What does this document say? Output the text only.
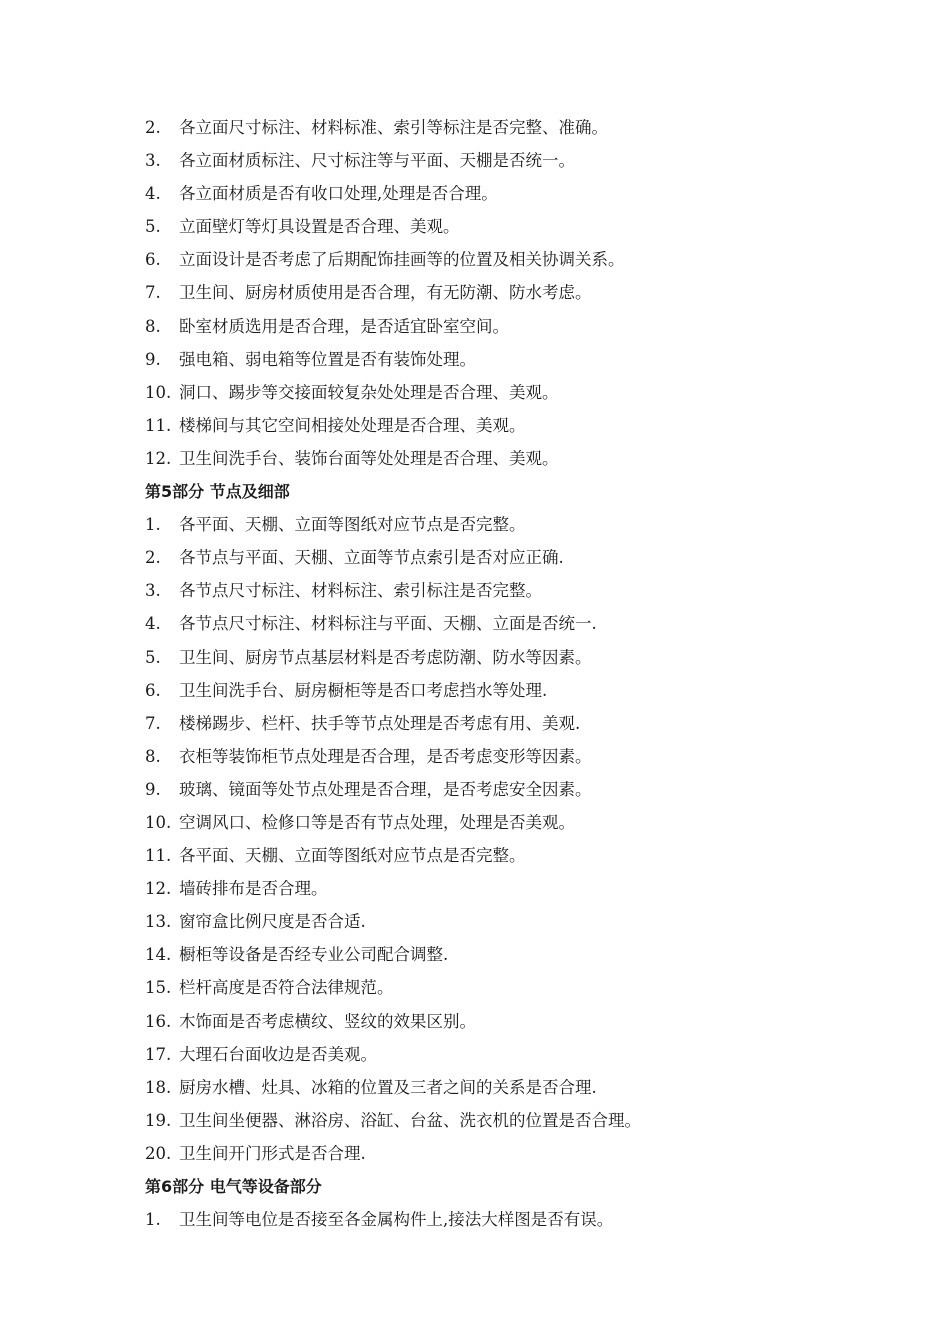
2.	各立面尺寸标注、材料标准、索引等标注是否完整、准确。
3.	各立面材质标注、尺寸标注等与平面、天棚是否统一。
4.	各立面材质是否有收口处理,处理是否合理。
5.	立面壁灯等灯具设置是否合理、美观。
6.	立面设计是否考虑了后期配饰挂画等的位置及相关协调关系。
7.	卫生间、厨房材质使用是否合理，有无防潮、防水考虑。
8.	卧室材质选用是否合理，是否适宜卧室空间。
9.	强电箱、弱电箱等位置是否有装饰处理。
10. 洞口、踢步等交接面较复杂处处理是否合理、美观。
11. 楼梯间与其它空间相接处处理是否合理、美观。
12. 卫生间洗手台、装饰台面等处处理是否合理、美观。
第5部分 节点及细部
1.	各平面、天棚、立面等图纸对应节点是否完整。
2.	各节点与平面、天棚、立面等节点索引是否对应正确.
3.	各节点尺寸标注、材料标注、索引标注是否完整。
4.	各节点尺寸标注、材料标注与平面、天棚、立面是否统一.
5.	卫生间、厨房节点基层材料是否考虑防潮、防水等因素。
6.	卫生间洗手台、厨房橱柜等是否口考虑挡水等处理.
7.	楼梯踢步、栏杆、扶手等节点处理是否考虑有用、美观.
8.	衣柜等装饰柜节点处理是否合理，是否考虑变形等因素。
9.	玻璃、镜面等处节点处理是否合理，是否考虑安全因素。
10. 空调风口、检修口等是否有节点处理，处理是否美观。
11. 各平面、天棚、立面等图纸对应节点是否完整。
12. 墙砖排布是否合理。
13. 窗帘盒比例尺度是否合适.
14. 橱柜等设备是否经专业公司配合调整.
15. 栏杆高度是否符合法律规范。
16. 木饰面是否考虑横纹、竖纹的效果区别。
17. 大理石台面收边是否美观。
18. 厨房水槽、灶具、冰箱的位置及三者之间的关系是否合理.
19. 卫生间坐便器、淋浴房、浴缸、台盆、洗衣机的位置是否合理。
20. 卫生间开门形式是否合理.
第6部分 电气等设备部分
1.	卫生间等电位是否接至各金属构件上,接法大样图是否有误。
